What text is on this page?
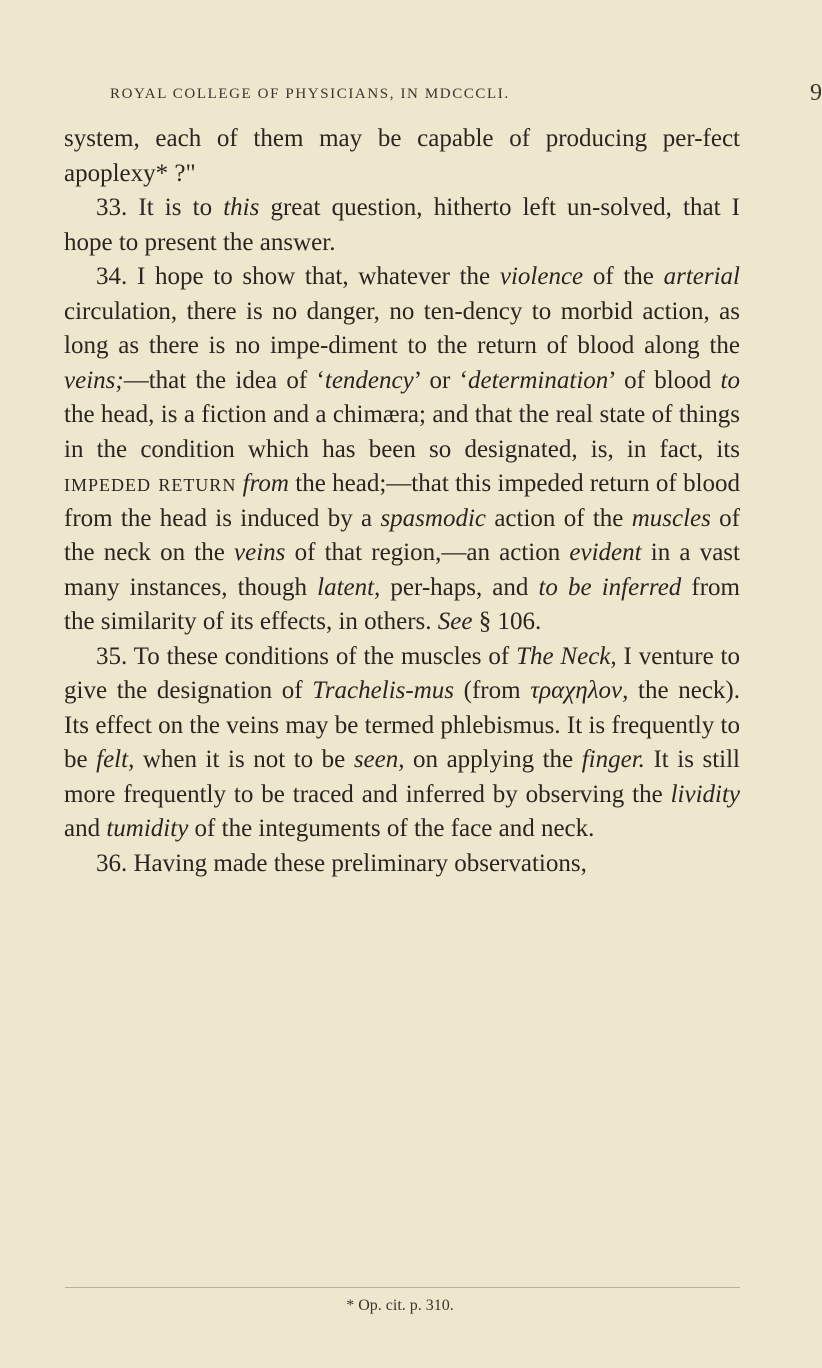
ROYAL COLLEGE OF PHYSICIANS, IN MDCCCLI.	9

system, each of them may be capable of producing per-fect apoplexy* ?"

33. It is to this great question, hitherto left un-solved, that I hope to present the answer.

34. I hope to show that, whatever the violence of the arterial circulation, there is no danger, no ten-dency to morbid action, as long as there is no impe-diment to the return of blood along the veins;—that the idea of ‘tendency’ or ‘determination’ of blood to the head, is a fiction and a chimæra; and that the real state of things in the condition which has been so designated, is, in fact, its impeded return from the head;—that this impeded return of blood from the head is induced by a spasmodic action of the muscles of the neck on the veins of that region,—an action evident in a vast many instances, though latent, per-haps, and to be inferred from the similarity of its effects, in others. See § 106.

35. To these conditions of the muscles of The Neck, I venture to give the designation of Trachelis-mus (from τραχηλον, the neck). Its effect on the veins may be termed phlebismus. It is frequently to be felt, when it is not to be seen, on applying the finger. It is still more frequently to be traced and inferred by observing the lividity and tumidity of the integuments of the face and neck.

36. Having made these preliminary observations,

* Op. cit. p. 310.
